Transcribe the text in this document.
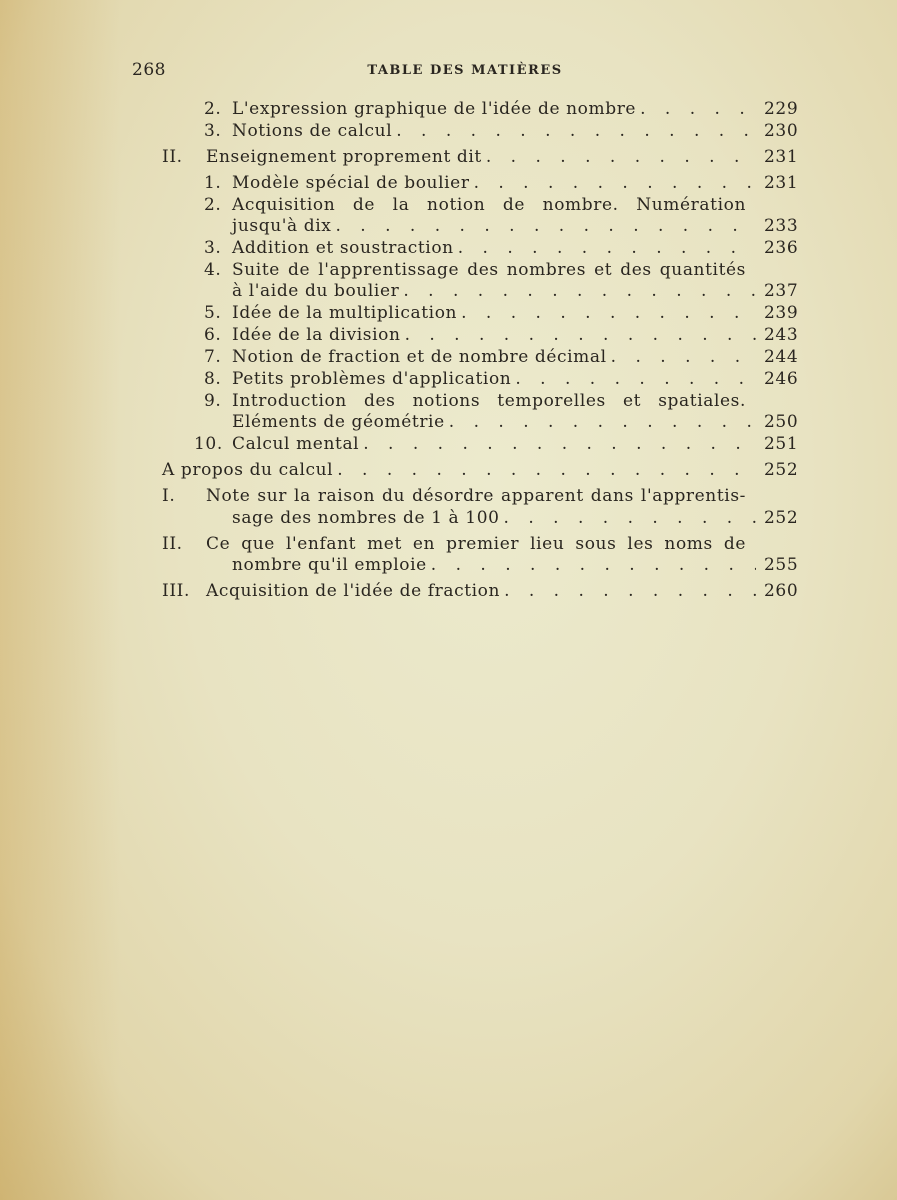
268	TABLE DES MATIÈRES
2. L'expression graphique de l'idée de nombre . . .	229
3. Notions de calcul . . .	230
II. Enseignement proprement dit . . .	231
1. Modèle spécial de boulier . . .	231
2. Acquisition de la notion de nombre. Numération
jusqu'à dix . . .	233
3. Addition et soustraction . . .	236
4. Suite de l'apprentissage des nombres et des quantités
à l'aide du boulier . . .	237
5. Idée de la multiplication . . .	239
6. Idée de la division . . .	243
7. Notion de fraction et de nombre décimal . . .	244
8. Petits problèmes d'application . . .	246
9. Introduction des notions temporelles et spatiales.
Eléments de géométrie . . .	250
10. Calcul mental . . .	251
A propos du calcul . . .	252
I. Note sur la raison du désordre apparent dans l'apprentis-
sage des nombres de 1 à 100 . . .	252
II. Ce que l'enfant met en premier lieu sous les noms de
nombre qu'il emploie . . .	255
III. Acquisition de l'idée de fraction . . .	260
